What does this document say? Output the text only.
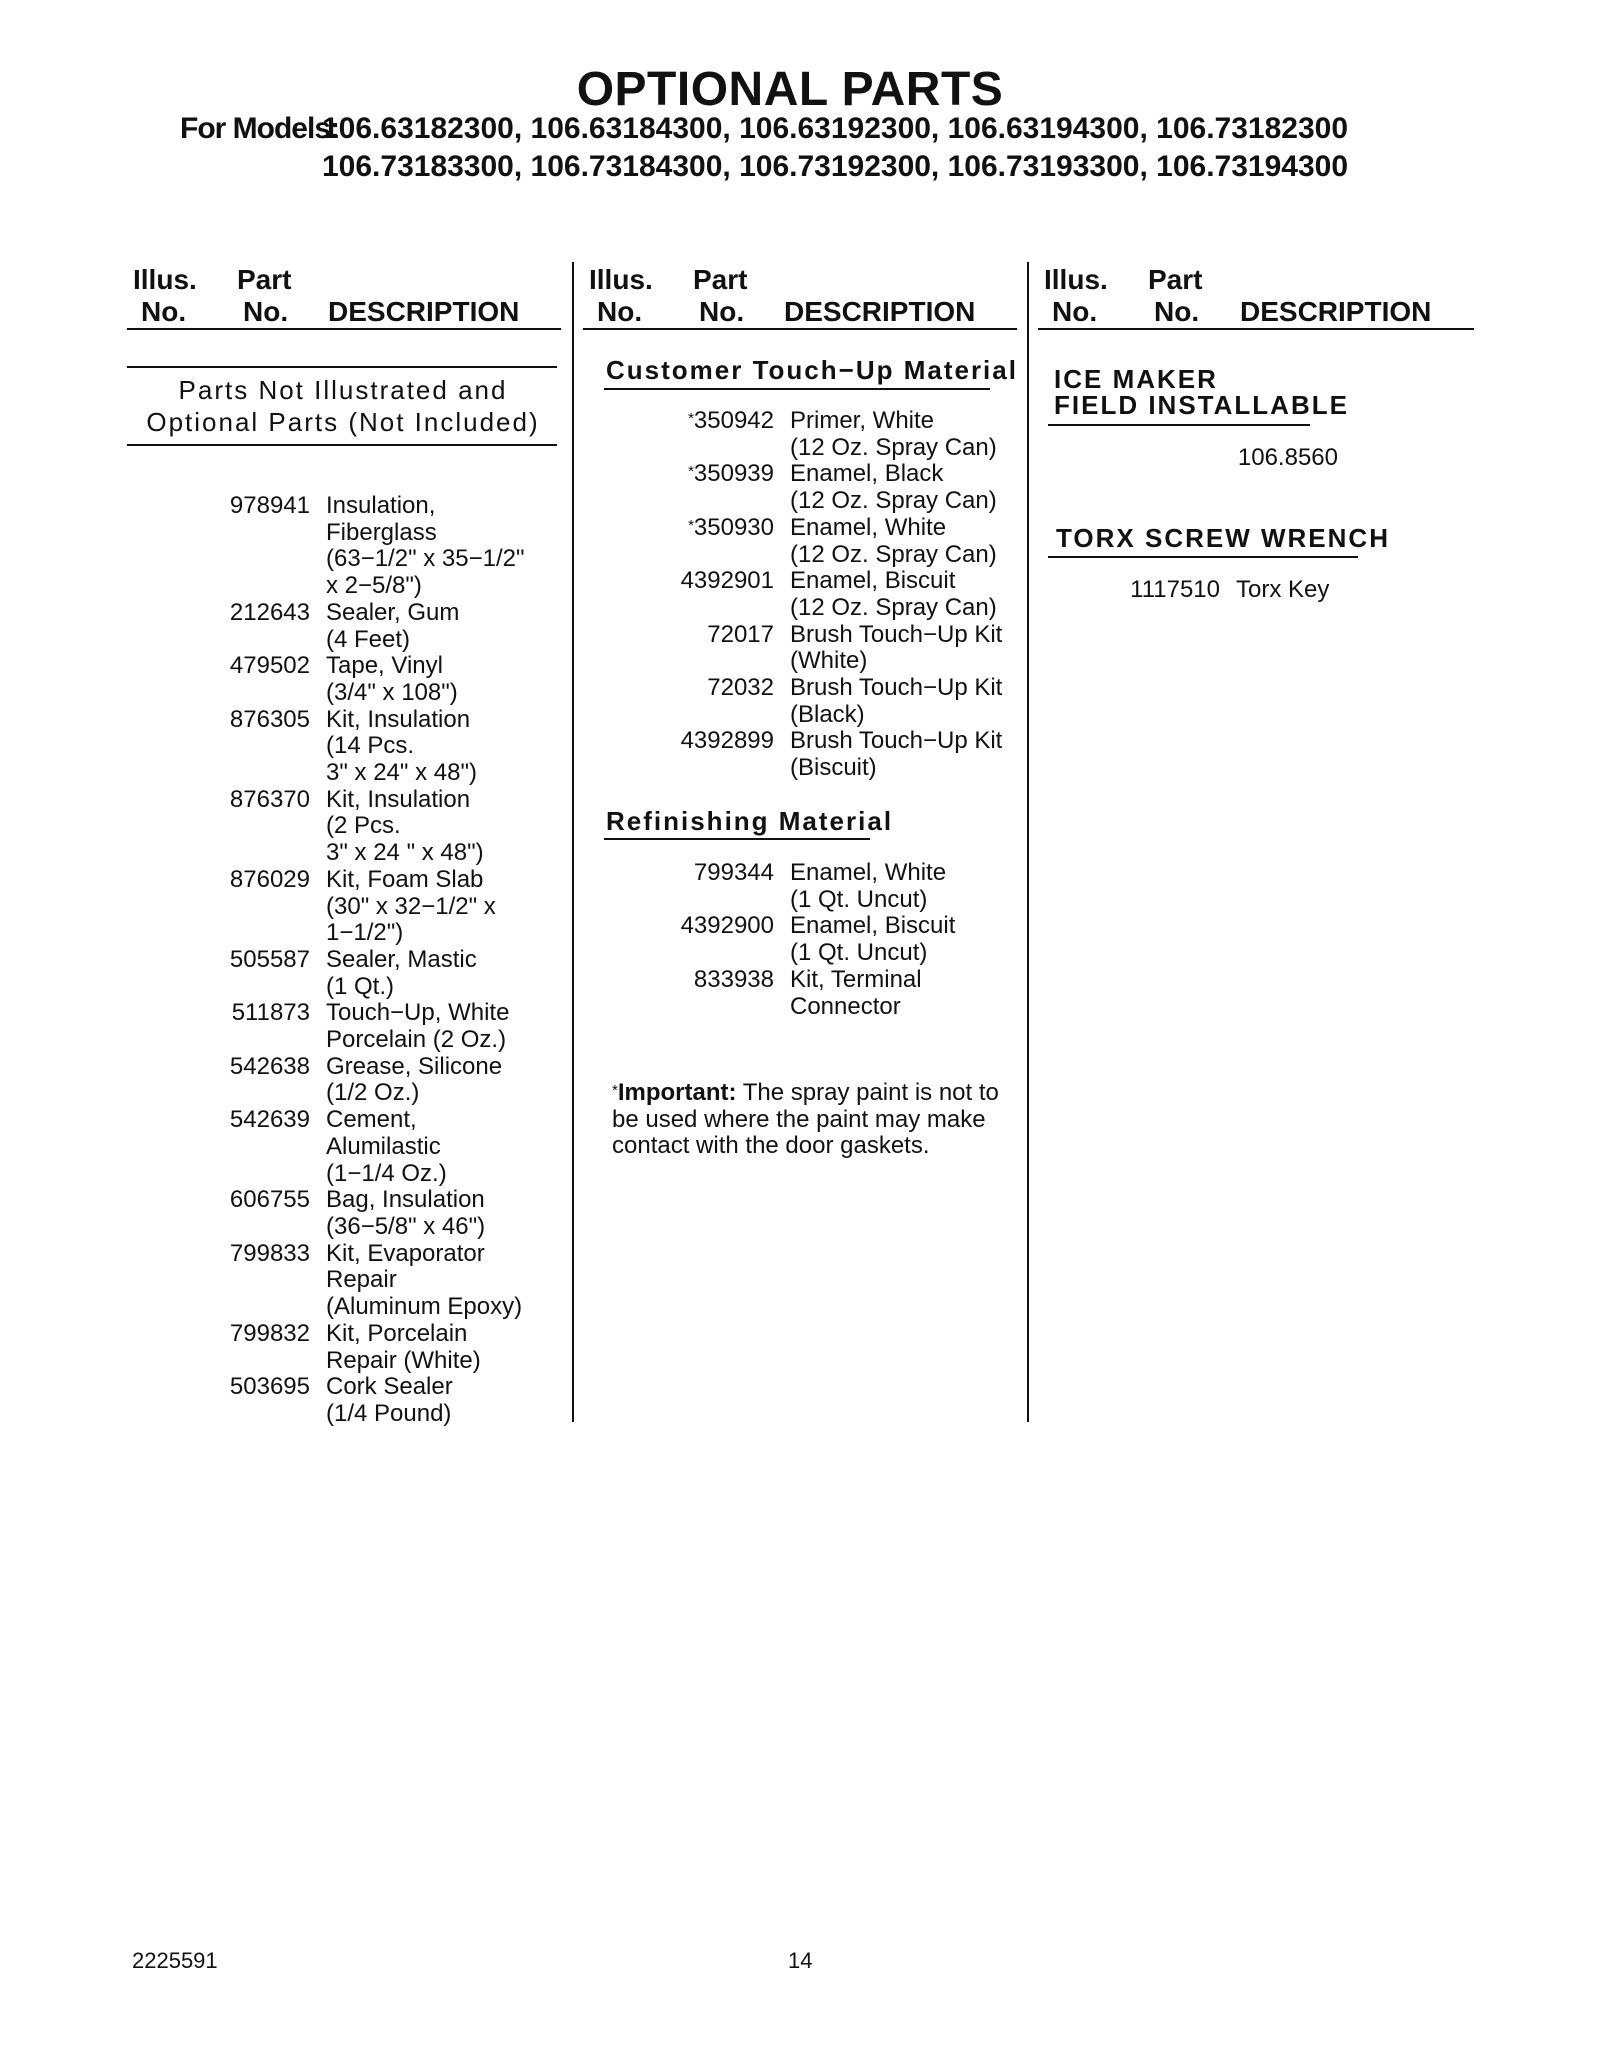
OPTIONAL PARTS
For Models:
106.63182300, 106.63184300, 106.63192300, 106.63194300, 106.73182300
106.73183300, 106.73184300, 106.73192300, 106.73193300, 106.73194300
Illus. Part
No. No. DESCRIPTION
Illus. Part
No. No. DESCRIPTION
Illus. Part
No. No. DESCRIPTION
Parts Not Illustrated and
Optional Parts (Not Included)
978941 Insulation,
Fiberglass
(63−1/2" x 35−1/2"
x 2−5/8")
212643 Sealer, Gum
(4 Feet)
479502 Tape, Vinyl
(3/4" x 108")
876305 Kit, Insulation
(14 Pcs.
3" x 24" x 48")
876370 Kit, Insulation
(2 Pcs.
3" x 24 " x 48")
876029 Kit, Foam Slab
(30" x 32−1/2" x
1−1/2")
505587 Sealer, Mastic
(1 Qt.)
511873 Touch−Up, White
Porcelain (2 Oz.)
542638 Grease, Silicone
(1/2 Oz.)
542639 Cement,
Alumilastic
(1−1/4 Oz.)
606755 Bag, Insulation
(36−5/8" x 46")
799833 Kit, Evaporator
Repair
(Aluminum Epoxy)
799832 Kit, Porcelain
Repair (White)
503695 Cork Sealer
(1/4 Pound)
Customer Touch−Up Material
*350942 Primer, White
(12 Oz. Spray Can)
*350939 Enamel, Black
(12 Oz. Spray Can)
*350930 Enamel, White
(12 Oz. Spray Can)
4392901 Enamel, Biscuit
(12 Oz. Spray Can)
72017 Brush Touch−Up Kit
(White)
72032 Brush Touch−Up Kit
(Black)
4392899 Brush Touch−Up Kit
(Biscuit)
Refinishing Material
799344 Enamel, White
(1 Qt. Uncut)
4392900 Enamel, Biscuit
(1 Qt. Uncut)
833938 Kit, Terminal
Connector
*Important: The spray paint is not to be used where the paint may make contact with the door gaskets.
ICE MAKER
FIELD INSTALLABLE
106.8560
TORX SCREW WRENCH
1117510 Torx Key
2225591	14
